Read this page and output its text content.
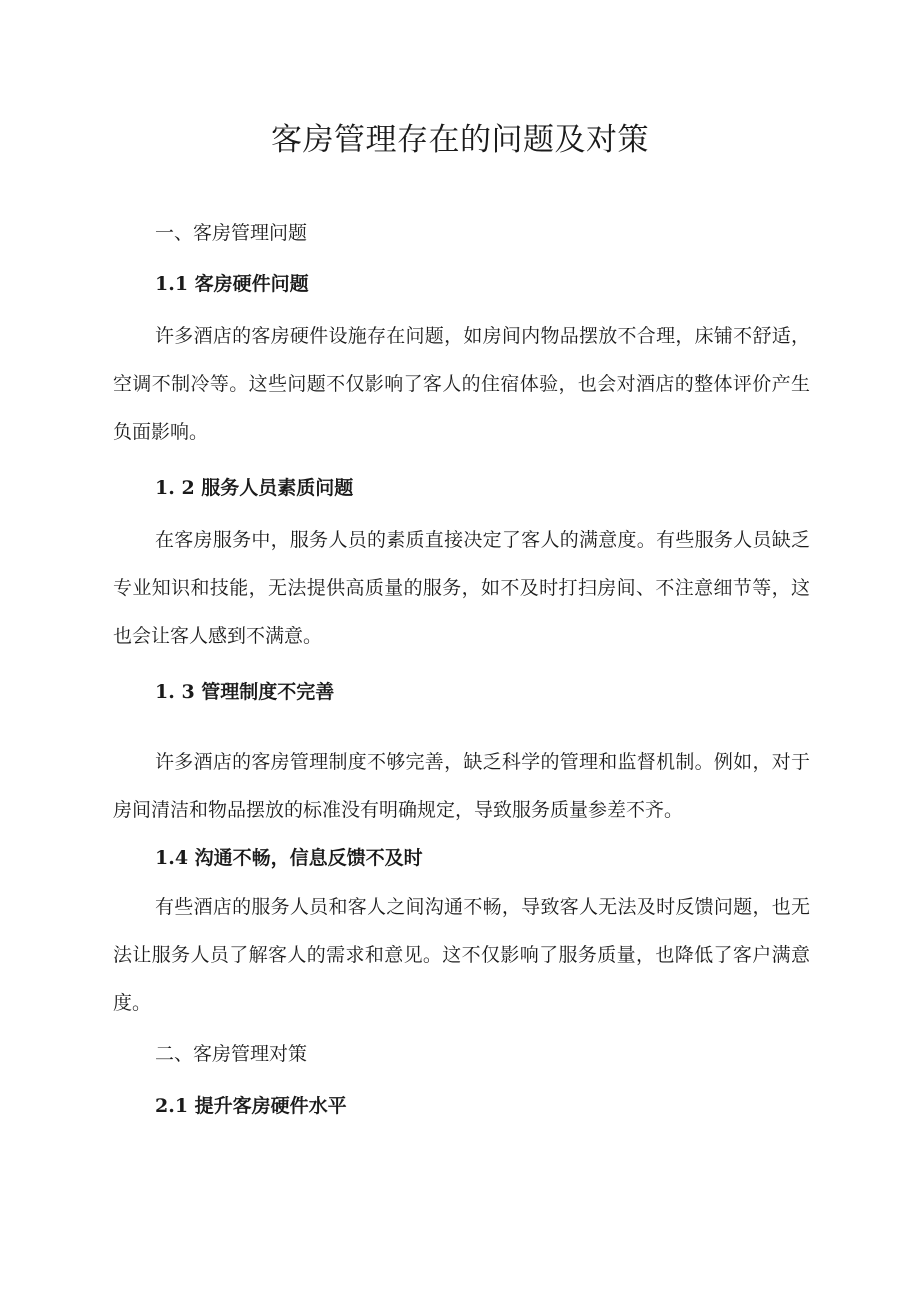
客房管理存在的问题及对策
一、客房管理问题
1.1 客房硬件问题

许多酒店的客房硬件设施存在问题，如房间内物品摆放不合理，床铺不舒适，空调不制冷等。这些问题不仅影响了客人的住宿体验，也会对酒店的整体评价产生负面影响。

1. 2 服务人员素质问题

在客房服务中，服务人员的素质直接决定了客人的满意度。有些服务人员缺乏专业知识和技能，无法提供高质量的服务，如不及时打扫房间、不注意细节等，这也会让客人感到不满意。

1. 3 管理制度不完善

许多酒店的客房管理制度不够完善，缺乏科学的管理和监督机制。例如，对于房间清洁和物品摆放的标准没有明确规定，导致服务质量参差不齐。

1.4 沟通不畅，信息反馈不及时

有些酒店的服务人员和客人之间沟通不畅，导致客人无法及时反馈问题，也无法让服务人员了解客人的需求和意见。这不仅影响了服务质量，也降低了客户满意度。

二、客房管理对策
2.1 提升客房硬件水平
